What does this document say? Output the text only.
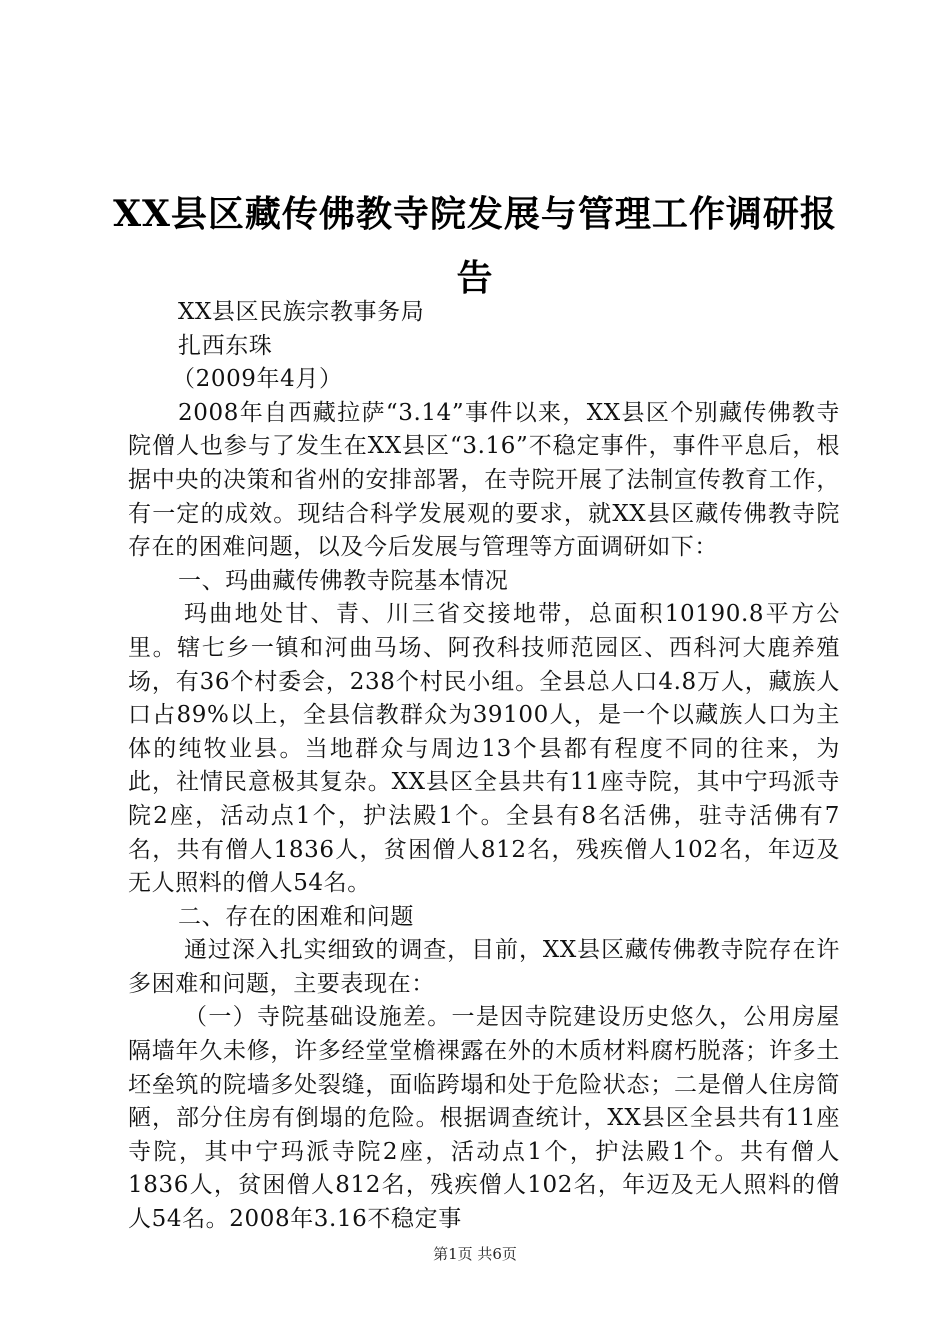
XX县区藏传佛教寺院发展与管理工作调研报告

XX县区民族宗教事务局

扎西东珠

（2009年4月）

2008年自西藏拉萨“3.14”事件以来，XX县区个别藏传佛教寺院僧人也参与了发生在XX县区“3.16”不稳定事件，事件平息后，根据中央的决策和省州的安排部署，在寺院开展了法制宣传教育工作，有一定的成效。现结合科学发展观的要求，就XX县区藏传佛教寺院存在的困难问题，以及今后发展与管理等方面调研如下：

一、玛曲藏传佛教寺院基本情况

玛曲地处甘、青、川三省交接地带，总面积10190.8平方公里。辖七乡一镇和河曲马场、阿孜科技师范园区、西科河大鹿养殖场，有36个村委会，238个村民小组。全县总人口4.8万人，藏族人口占89%以上，全县信教群众为39100人，是一个以藏族人口为主体的纯牧业县。当地群众与周边13个县都有程度不同的往来，为此，社情民意极其复杂。XX县区全县共有11座寺院，其中宁玛派寺院2座，活动点1个，护法殿1个。全县有8名活佛，驻寺活佛有7名，共有僧人1836人，贫困僧人812名，残疾僧人102名，年迈及无人照料的僧人54名。

二、存在的困难和问题

通过深入扎实细致的调查，目前，XX县区藏传佛教寺院存在许多困难和问题，主要表现在：

（一）寺院基础设施差。一是因寺院建设历史悠久，公用房屋隔墙年久未修，许多经堂堂檐裸露在外的木质材料腐朽脱落；许多土坯垒筑的院墙多处裂缝，面临跨塌和处于危险状态；二是僧人住房简陋，部分住房有倒塌的危险。根据调查统计，XX县区全县共有11座寺院，其中宁玛派寺院2座，活动点1个，护法殿1个。共有僧人1836人，贫困僧人812名，残疾僧人102名，年迈及无人照料的僧人54名。2008年3.16不稳定事

第1页 共6页
